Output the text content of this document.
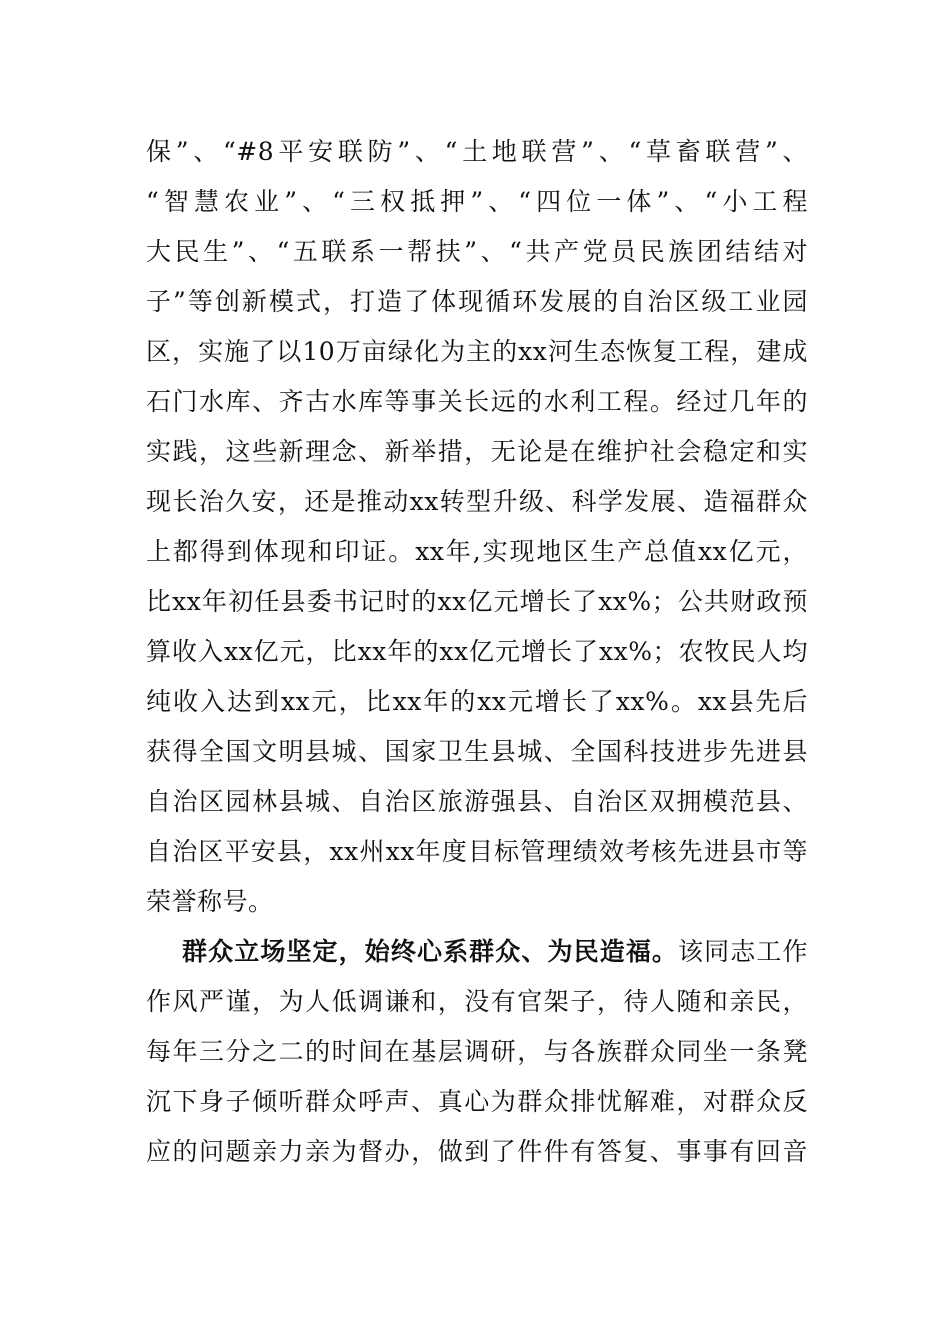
保”、“#8平安联防”、“土地联营”、“草畜联营”、
“智慧农业”、“三权抵押”、“四位一体”、“小工程
大民生”、“五联系一帮扶”、“共产党员民族团结结对
子”等创新模式，打造了体现循环发展的自治区级工业园
区，实施了以10万亩绿化为主的xx河生态恢复工程，建成
石门水库、齐古水库等事关长远的水利工程。经过几年的
实践，这些新理念、新举措，无论是在维护社会稳定和实
现长治久安，还是推动xx转型升级、科学发展、造福群众
上都得到体现和印证。xx年,实现地区生产总值xx亿元，
比xx年初任县委书记时的xx亿元增长了xx%；公共财政预
算收入xx亿元，比xx年的xx亿元增长了xx%；农牧民人均
纯收入达到xx元，比xx年的xx元增长了xx%。xx县先后
获得全国文明县城、国家卫生县城、全国科技进步先进县
自治区园林县城、自治区旅游强县、自治区双拥模范县、
自治区平安县，xx州xx年度目标管理绩效考核先进县市等
荣誉称号。
群众立场坚定，始终心系群众、为民造福。该同志工作
作风严谨，为人低调谦和，没有官架子，待人随和亲民，
每年三分之二的时间在基层调研，与各族群众同坐一条凳
沉下身子倾听群众呼声、真心为群众排忧解难，对群众反
应的问题亲力亲为督办，做到了件件有答复、事事有回音
